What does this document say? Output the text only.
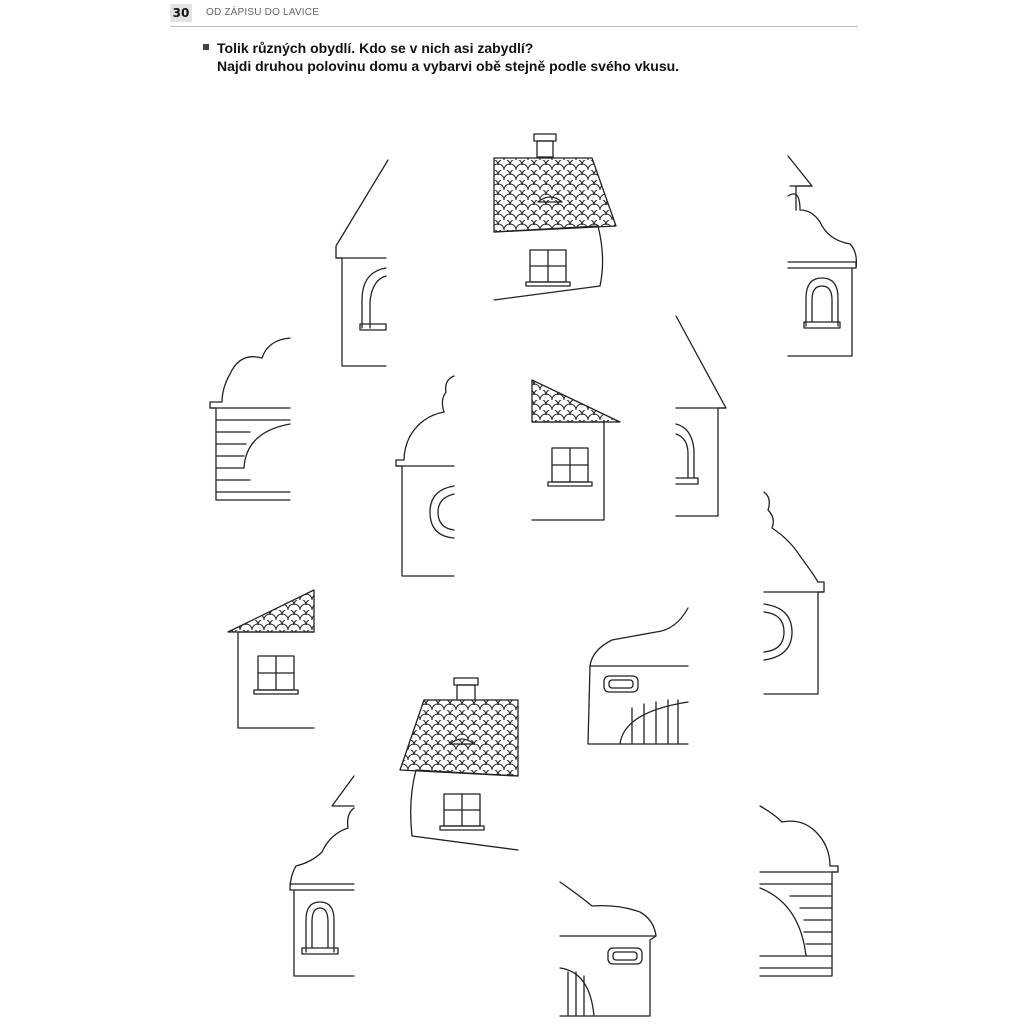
30 OD ZÁPISU DO LAVICE
Tolik různých obydlí. Kdo se v nich asi zabydlí?
Najdi druhou polovinu domu a vybarvi obě stejně podle svého vkusu.
